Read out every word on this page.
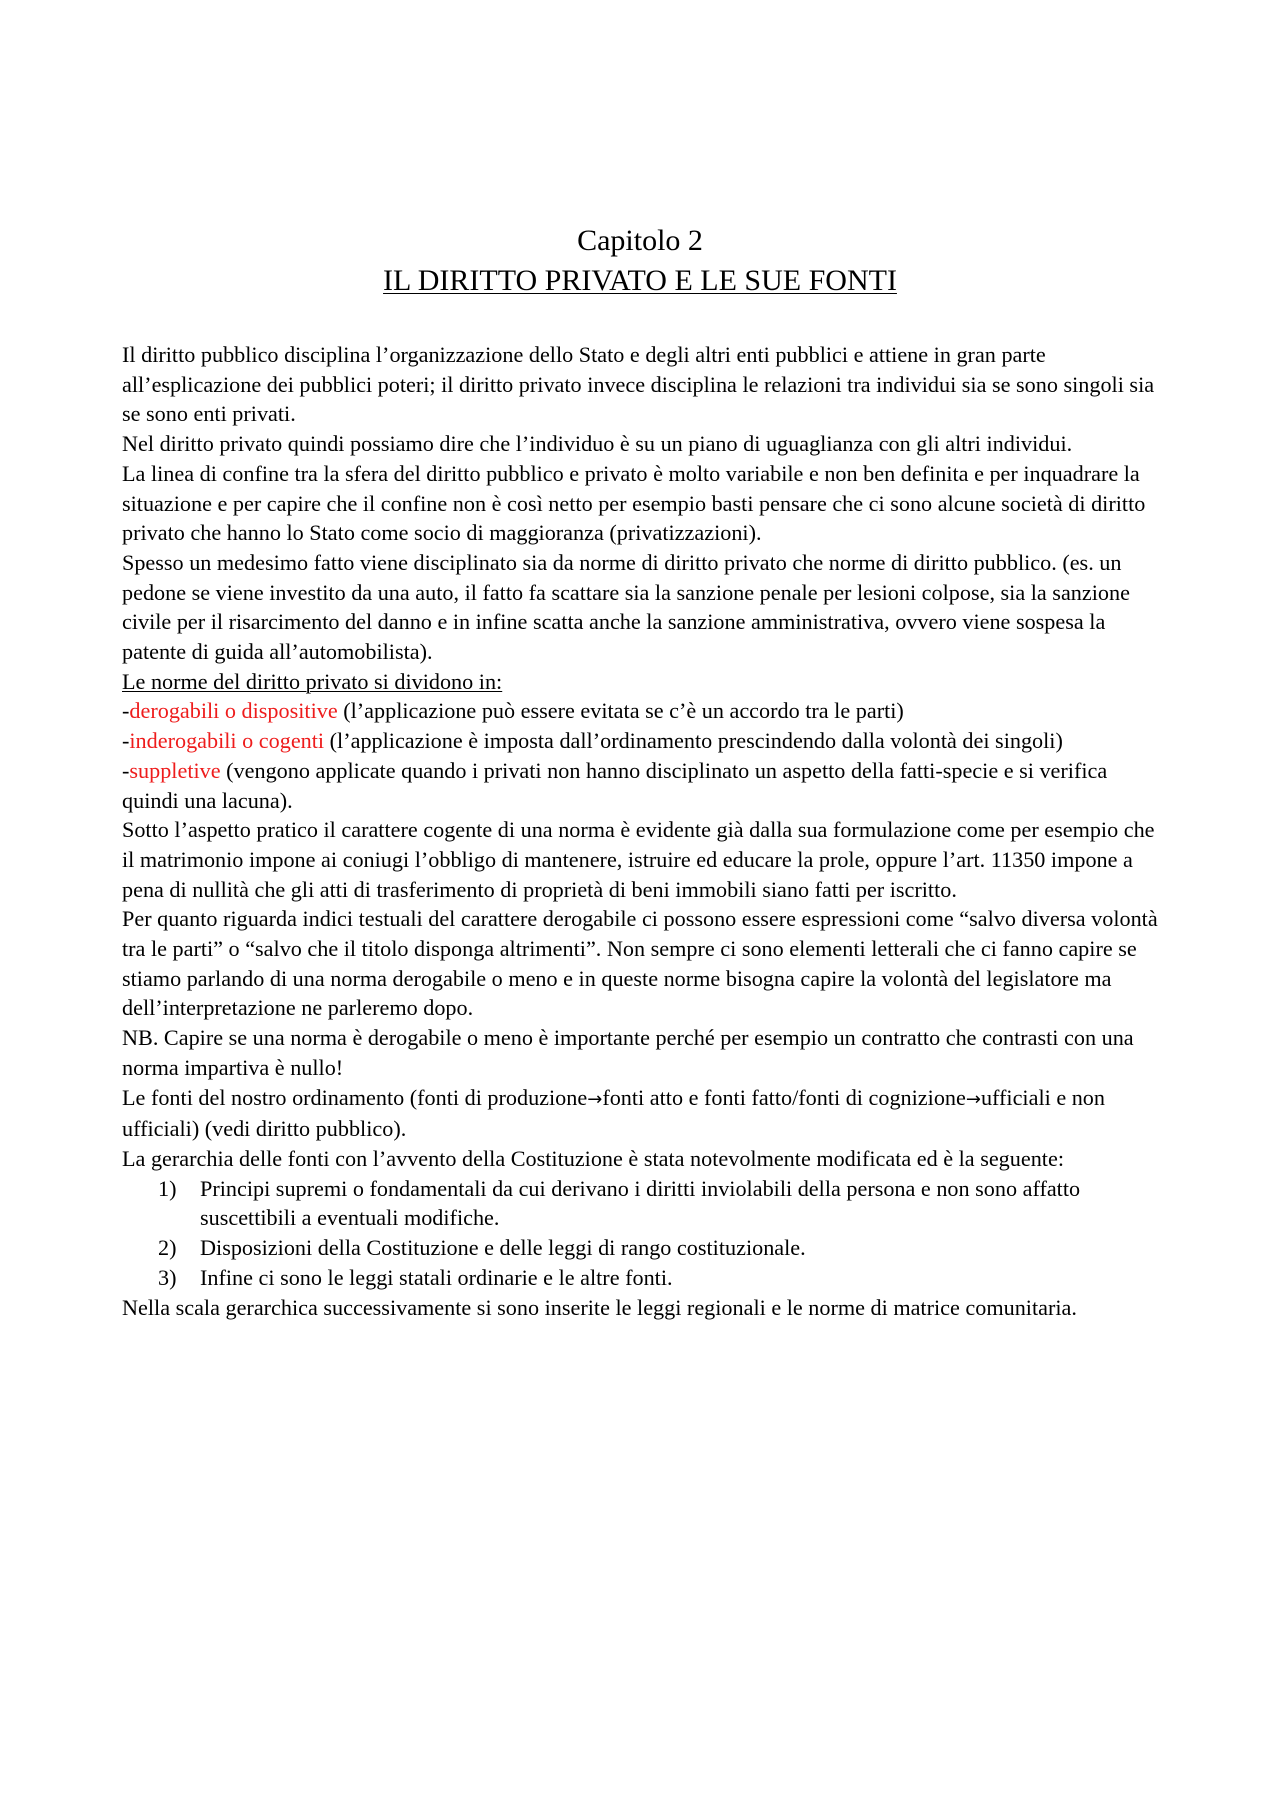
Capitolo 2
IL DIRITTO PRIVATO E LE SUE FONTI

Il diritto pubblico disciplina l’organizzazione dello Stato e degli altri enti pubblici e attiene in gran parte all’esplicazione dei pubblici poteri; il diritto privato invece disciplina le relazioni tra individui sia se sono singoli sia se sono enti privati.

Nel diritto privato quindi possiamo dire che l’individuo è su un piano di uguaglianza con gli altri individui.

La linea di confine tra la sfera del diritto pubblico e privato è molto variabile e non ben definita e per inquadrare la situazione e per capire che il confine non è così netto per esempio basti pensare che ci sono alcune società di diritto privato che hanno lo Stato come socio di maggioranza (privatizzazioni).

Spesso un medesimo fatto viene disciplinato sia da norme di diritto privato che norme di diritto pubblico. (es. un pedone se viene investito da una auto, il fatto fa scattare sia la sanzione penale per lesioni colpose, sia la sanzione civile per il risarcimento del danno e in infine scatta anche la sanzione amministrativa, ovvero viene sospesa la patente di guida all’automobilista).

Le norme del diritto privato si dividono in:

-derogabili o dispositive (l’applicazione può essere evitata se c’è un accordo tra le parti)

-inderogabili o cogenti (l’applicazione è imposta dall’ordinamento prescindendo dalla volontà dei singoli)

-suppletive (vengono applicate quando i privati non hanno disciplinato un aspetto della fatti-specie e si verifica quindi una lacuna).

Sotto l’aspetto pratico il carattere cogente di una norma è evidente già dalla sua formulazione come per esempio che il matrimonio impone ai coniugi l’obbligo di mantenere, istruire ed educare la prole, oppure l’art. 11350 impone a pena di nullità che gli atti di trasferimento di proprietà di beni immobili siano fatti per iscritto.

Per quanto riguarda indici testuali del carattere derogabile ci possono essere espressioni come “salvo diversa volontà tra le parti” o “salvo che il titolo disponga altrimenti”. Non sempre ci sono elementi letterali che ci fanno capire se stiamo parlando di una norma derogabile o meno e in queste norme bisogna capire la volontà del legislatore ma dell’interpretazione ne parleremo dopo.

NB. Capire se una norma è derogabile o meno è importante perché per esempio un contratto che contrasti con una norma impartiva è nullo!

Le fonti del nostro ordinamento (fonti di produzione→fonti atto e fonti fatto/fonti di cognizione→ufficiali e non ufficiali) (vedi diritto pubblico).

La gerarchia delle fonti con l’avvento della Costituzione è stata notevolmente modificata ed è la seguente:

1) Principi supremi o fondamentali da cui derivano i diritti inviolabili della persona e non sono affatto suscettibili a eventuali modifiche.
2) Disposizioni della Costituzione e delle leggi di rango costituzionale.
3) Infine ci sono le leggi statali ordinarie e le altre fonti.

Nella scala gerarchica successivamente si sono inserite le leggi regionali e le norme di matrice comunitaria.
